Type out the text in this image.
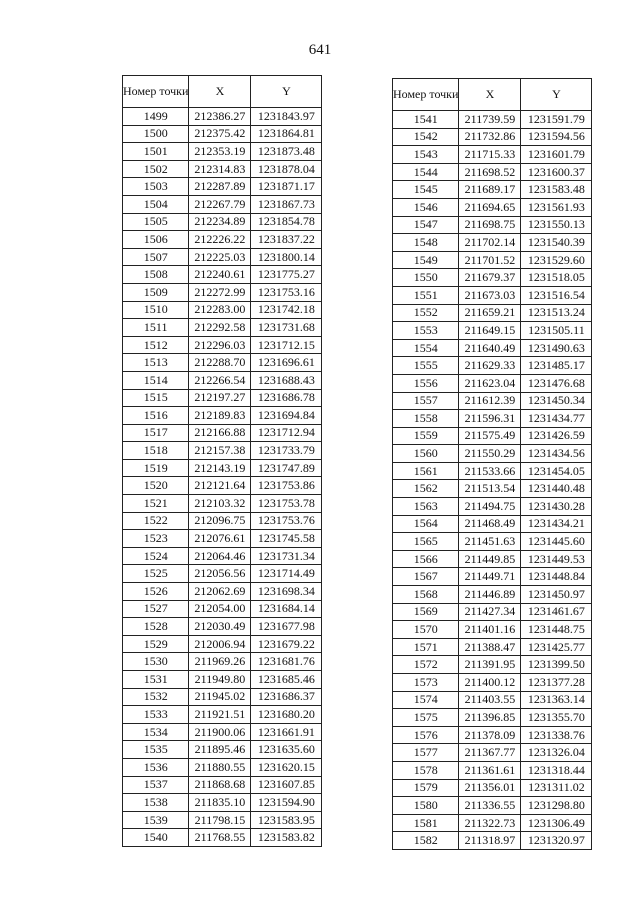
641
Номер точки	X	Y
1499	212386.27	1231843.97
1500	212375.42	1231864.81
1501	212353.19	1231873.48
1502	212314.83	1231878.04
1503	212287.89	1231871.17
1504	212267.79	1231867.73
1505	212234.89	1231854.78
1506	212226.22	1231837.22
1507	212225.03	1231800.14
1508	212240.61	1231775.27
1509	212272.99	1231753.16
1510	212283.00	1231742.18
1511	212292.58	1231731.68
1512	212296.03	1231712.15
1513	212288.70	1231696.61
1514	212266.54	1231688.43
1515	212197.27	1231686.78
1516	212189.83	1231694.84
1517	212166.88	1231712.94
1518	212157.38	1231733.79
1519	212143.19	1231747.89
1520	212121.64	1231753.86
1521	212103.32	1231753.78
1522	212096.75	1231753.76
1523	212076.61	1231745.58
1524	212064.46	1231731.34
1525	212056.56	1231714.49
1526	212062.69	1231698.34
1527	212054.00	1231684.14
1528	212030.49	1231677.98
1529	212006.94	1231679.22
1530	211969.26	1231681.76
1531	211949.80	1231685.46
1532	211945.02	1231686.37
1533	211921.51	1231680.20
1534	211900.06	1231661.91
1535	211895.46	1231635.60
1536	211880.55	1231620.15
1537	211868.68	1231607.85
1538	211835.10	1231594.90
1539	211798.15	1231583.95
1540	211768.55	1231583.82
Номер точки	X	Y
1541	211739.59	1231591.79
1542	211732.86	1231594.56
1543	211715.33	1231601.79
1544	211698.52	1231600.37
1545	211689.17	1231583.48
1546	211694.65	1231561.93
1547	211698.75	1231550.13
1548	211702.14	1231540.39
1549	211701.52	1231529.60
1550	211679.37	1231518.05
1551	211673.03	1231516.54
1552	211659.21	1231513.24
1553	211649.15	1231505.11
1554	211640.49	1231490.63
1555	211629.33	1231485.17
1556	211623.04	1231476.68
1557	211612.39	1231450.34
1558	211596.31	1231434.77
1559	211575.49	1231426.59
1560	211550.29	1231434.56
1561	211533.66	1231454.05
1562	211513.54	1231440.48
1563	211494.75	1231430.28
1564	211468.49	1231434.21
1565	211451.63	1231445.60
1566	211449.85	1231449.53
1567	211449.71	1231448.84
1568	211446.89	1231450.97
1569	211427.34	1231461.67
1570	211401.16	1231448.75
1571	211388.47	1231425.77
1572	211391.95	1231399.50
1573	211400.12	1231377.28
1574	211403.55	1231363.14
1575	211396.85	1231355.70
1576	211378.09	1231338.76
1577	211367.77	1231326.04
1578	211361.61	1231318.44
1579	211356.01	1231311.02
1580	211336.55	1231298.80
1581	211322.73	1231306.49
1582	211318.97	1231320.97
